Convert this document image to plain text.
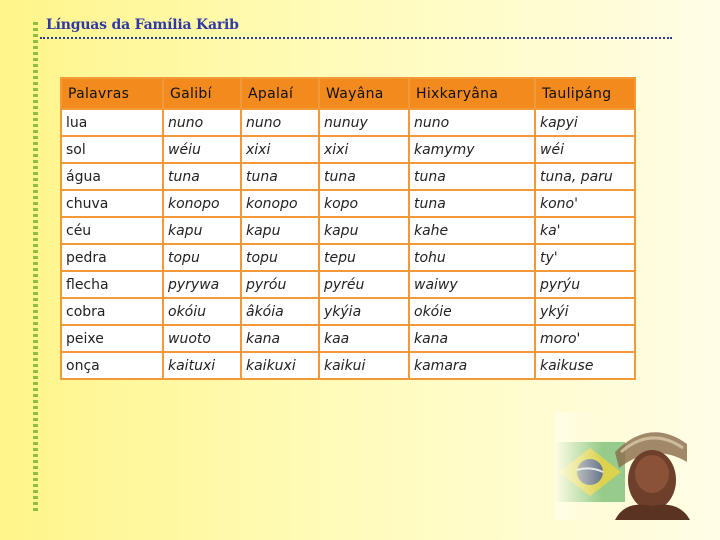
Línguas da Família Karib
Palavras	Galibí	Apalaí	Wayâna	Hixkaryâna	Taulipáng
lua	nuno	nuno	nunuy	nuno	kapyi
sol	wéiu	xixi	xixi	kamymy	wéi
água	tuna	tuna	tuna	tuna	tuna, paru
chuva	konopo	konopo	kopo	tuna	kono'
céu	kapu	kapu	kapu	kahe	ka'
pedra	topu	topu	tepu	tohu	ty'
flecha	pyrywa	pyróu	pyréu	waiwy	pyrýu
cobra	okóiu	âkóia	ykýia	okóie	ykýi
peixe	wuoto	kana	kaa	kana	moro'
onça	kaituxi	kaikuxi	kaikui	kamara	kaikuse
